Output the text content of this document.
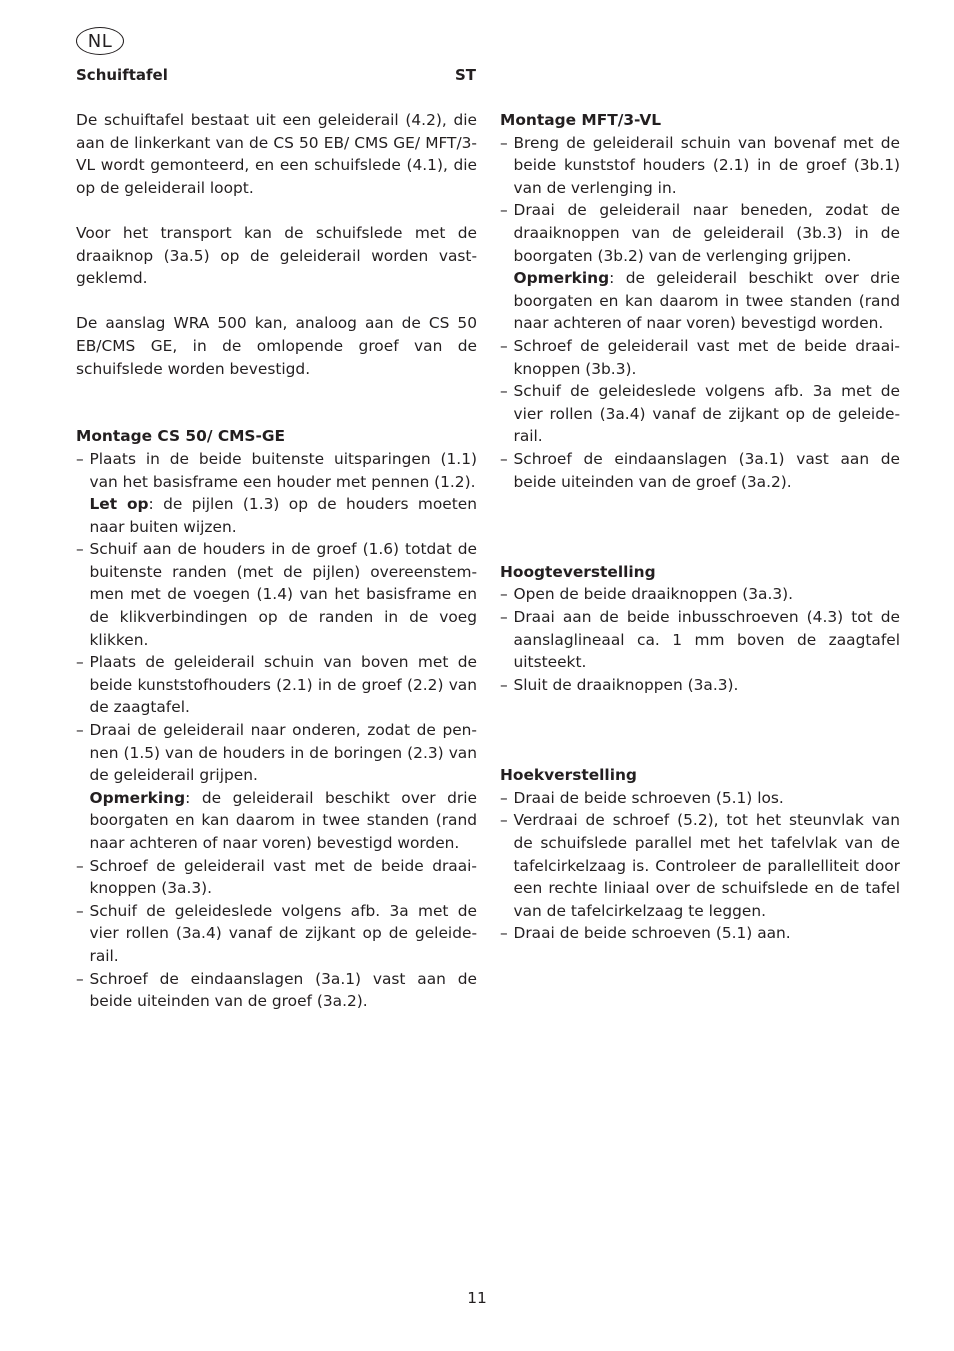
NL
Schuiftafel	ST

De schuiftafel bestaat uit een geleiderail (4.2), die aan de linkerkant van de CS 50 EB/ CMS GE/ MFT/3-VL wordt gemonteerd, en een schuifslede (4.1), die op de geleiderail loopt.

Voor het transport kan de schuifslede met de draaiknop (3a.5) op de geleiderail worden vast-geklemd.

De aanslag WRA 500 kan, analoog aan de CS 50 EB/CMS GE, in de omlopende groef van de schuifslede worden bevestigd.

Montage CS 50/ CMS-GE

– Plaats in de beide buitenste uitsparingen (1.1) van het basisframe een houder met pennen (1.2).
Let op: de pijlen (1.3) op de houders moeten naar buiten wijzen.
– Schuif aan de houders in de groef (1.6) totdat de buitenste randen (met de pijlen) overeenstem-men met de voegen (1.4) van het basisframe en de klikverbindingen op de randen in de voeg klikken.
– Plaats de geleiderail schuin van boven met de beide kunststofhouders (2.1) in de groef (2.2) van de zaagtafel.
– Draai de geleiderail naar onderen, zodat de pen-nen (1.5) van de houders in de boringen (2.3) van de geleiderail grijpen.
Opmerking: de geleiderail beschikt over drie boorgaten en kan daarom in twee standen (rand naar achteren of naar voren) bevestigd worden.
– Schroef de geleiderail vast met de beide draai-knoppen (3a.3).
– Schuif de geleideslede volgens afb. 3a met de vier rollen (3a.4) vanaf de zijkant op de geleide-rail.
– Schroef de eindaanslagen (3a.1) vast aan de beide uiteinden van de groef (3a.2).

Montage MFT/3-VL

– Breng de geleiderail schuin van bovenaf met de beide kunststof houders (2.1) in de groef (3b.1) van de verlenging in.
– Draai de geleiderail naar beneden, zodat de draaiknoppen van de geleiderail (3b.3) in de boorgaten (3b.2) van de verlenging grijpen.
Opmerking: de geleiderail beschikt over drie boorgaten en kan daarom in twee standen (rand naar achteren of naar voren) bevestigd worden.
– Schroef de geleiderail vast met de beide draai-knoppen (3b.3).
– Schuif de geleideslede volgens afb. 3a met de vier rollen (3a.4) vanaf de zijkant op de geleide-rail.
– Schroef de eindaanslagen (3a.1) vast aan de beide uiteinden van de groef (3a.2).

Hoogteverstelling

– Open de beide draaiknoppen (3a.3).
– Draai aan de beide inbusschroeven (4.3) tot de aanslaglineaal ca. 1 mm boven de zaagtafel uitsteekt.
– Sluit de draaiknoppen (3a.3).

Hoekverstelling

– Draai de beide schroeven (5.1) los.
– Verdraai de schroef (5.2), tot het steunvlak van de schuifslede parallel met het tafelvlak van de tafelcirkelzaag is. Controleer de parallelliteit door een rechte liniaal over de schuifslede en de tafel van de tafelcirkelzaag te leggen.
– Draai de beide schroeven (5.1) aan.
11
